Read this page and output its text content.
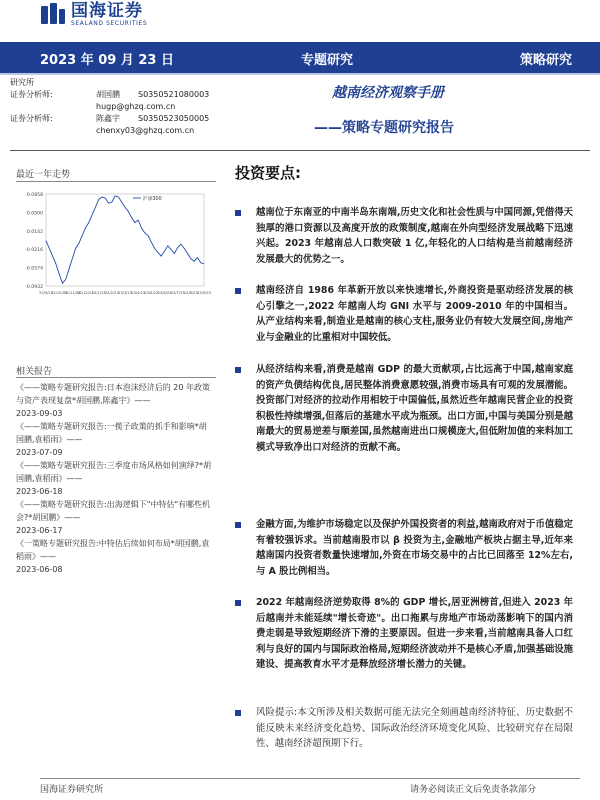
国海证券
SEALAND SECURITIES
2023 年 09 月 23 日	专题研究	策略研究
研究所
证券分析师:	胡国鹏 S0350521080003
hugp@ghzq.com.cn
证券分析师:	陈鑫宇 S0350523050005
chenxy03@ghzq.com.cn
越南经济观察手册
——策略专题研究报告
最近一年走势
0.0858
0.0500
0.0142
-0.0216
-0.0574
-0.0932
22/9/23
22/10/23
22/11/23
22/12/23
23/1/23 23/2/23 23/3/23 23/4/23 23/5/23 23/6/23 23/7/23 23/8/23 23/9/23
沪深300
相关报告
《——策略专题研究报告:日本泡沫经济后的 20 年政策与资产表现复盘*胡国鹏,陈鑫宇》——
2023-09-03
《——策略专题研究报告:一揽子政策的抓手和影响*胡国鹏,袁稻雨》——
2023-07-09
《——策略专题研究报告:三季度市场风格如何演绎?*胡国鹏,袁稻雨》——
2023-06-18
《——策略专题研究报告:出海逻辑下"中特估"有哪些机会?*胡国鹏》——
2023-06-17
《一策略专题研究报告:中特估后续如何布局*胡国鹏,袁稻雨》——
2023-06-08
投资要点:
越南位于东南亚的中南半岛东南端,历史文化和社会性质与中国同源,凭借得天独厚的港口资源以及高度开放的政策制度,越南在外向型经济发展战略下迅速兴起。2023 年越南总人口数突破 1 亿,年轻化的人口结构是当前越南经济发展最大的优势之一。
越南经济自 1986 年革新开放以来快速增长,外商投资是驱动经济发展的核心引擎之一,2022 年越南人均 GNI 水平与 2009-2010 年的中国相当。从产业结构来看,制造业是越南的核心支柱,服务业仍有较大发展空间,房地产业与金融业的比重相对中国较低。
从经济结构来看,消费是越南 GDP 的最大贡献项,占比远高于中国,越南家庭的资产负债结构优良,居民整体消费意愿较强,消费市场具有可观的发展潜能。投资部门对经济的拉动作用相较于中国偏低,虽然近些年越南民营企业的投资积极性持续增强,但落后的基建水平成为瓶颈。出口方面,中国与美国分别是越南最大的贸易逆差与顺差国,虽然越南进出口规模庞大,但低附加值的来料加工模式导致净出口对经济的贡献不高。
金融方面,为维护市场稳定以及保护外国投资者的利益,越南政府对于币值稳定有着较强诉求。当前越南股市以 β 投资为主,金融地产板块占据主导,近年来越南国内投资者数量快速增加,外资在市场交易中的占比已回落至 12%左右,与 A 股比例相当。
2022 年越南经济逆势取得 8%的 GDP 增长,居亚洲榜首,但进入 2023 年后越南并未能延续"增长奇迹"。出口拖累与房地产市场动荡影响下的国内消费走弱是导致短期经济下滑的主要原因。但进一步来看,当前越南具备人口红利与良好的国内与国际政治格局,短期经济波动并不是核心矛盾,加强基础设施建设、提高教育水平才是释放经济增长潜力的关键。
风险提示:本文所涉及相关数据可能无法完全刻画越南经济特征、历史数据不能反映未来经济变化趋势、国际政治经济环境变化风险、比较研究存在局限性、越南经济超预期下行。
国海证券研究所	请务必阅读正文后免责条款部分
